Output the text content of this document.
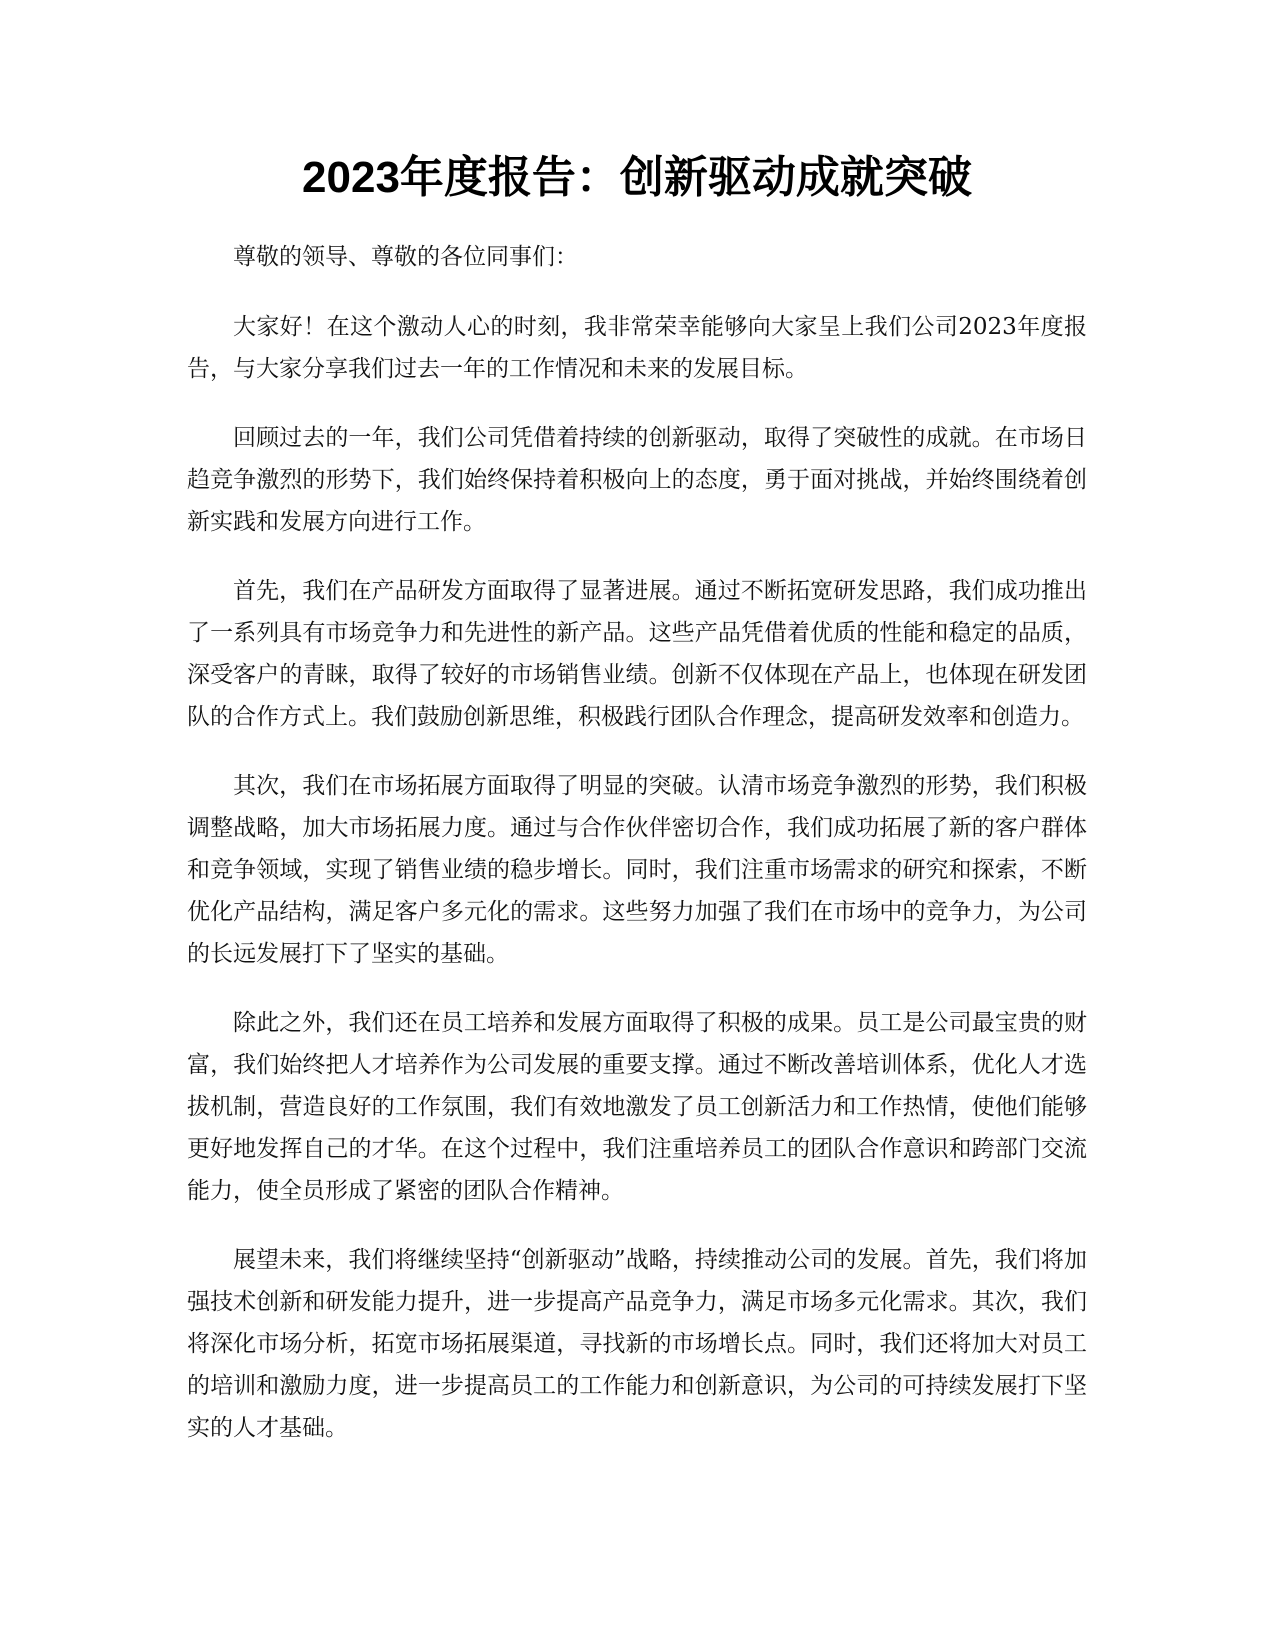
2023年度报告：创新驱动成就突破

尊敬的领导、尊敬的各位同事们：

大家好！在这个激动人心的时刻，我非常荣幸能够向大家呈上我们公司2023年度报告，与大家分享我们过去一年的工作情况和未来的发展目标。

回顾过去的一年，我们公司凭借着持续的创新驱动，取得了突破性的成就。在市场日趋竞争激烈的形势下，我们始终保持着积极向上的态度，勇于面对挑战，并始终围绕着创新实践和发展方向进行工作。

首先，我们在产品研发方面取得了显著进展。通过不断拓宽研发思路，我们成功推出了一系列具有市场竞争力和先进性的新产品。这些产品凭借着优质的性能和稳定的品质，深受客户的青睐，取得了较好的市场销售业绩。创新不仅体现在产品上，也体现在研发团队的合作方式上。我们鼓励创新思维，积极践行团队合作理念，提高研发效率和创造力。

其次，我们在市场拓展方面取得了明显的突破。认清市场竞争激烈的形势，我们积极调整战略，加大市场拓展力度。通过与合作伙伴密切合作，我们成功拓展了新的客户群体和竞争领域，实现了销售业绩的稳步增长。同时，我们注重市场需求的研究和探索，不断优化产品结构，满足客户多元化的需求。这些努力加强了我们在市场中的竞争力，为公司的长远发展打下了坚实的基础。

除此之外，我们还在员工培养和发展方面取得了积极的成果。员工是公司最宝贵的财富，我们始终把人才培养作为公司发展的重要支撑。通过不断改善培训体系，优化人才选拔机制，营造良好的工作氛围，我们有效地激发了员工创新活力和工作热情，使他们能够更好地发挥自己的才华。在这个过程中，我们注重培养员工的团队合作意识和跨部门交流能力，使全员形成了紧密的团队合作精神。

展望未来，我们将继续坚持“创新驱动”战略，持续推动公司的发展。首先，我们将加强技术创新和研发能力提升，进一步提高产品竞争力，满足市场多元化需求。其次，我们将深化市场分析，拓宽市场拓展渠道，寻找新的市场增长点。同时，我们还将加大对员工的培训和激励力度，进一步提高员工的工作能力和创新意识，为公司的可持续发展打下坚实的人才基础。
